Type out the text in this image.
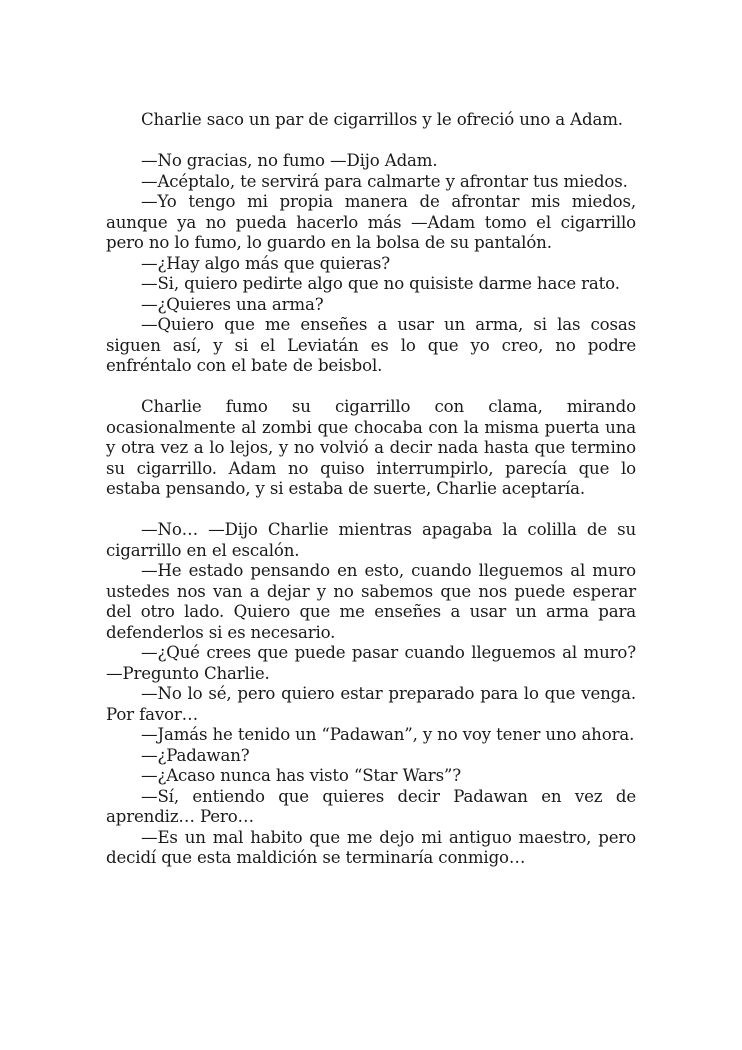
Charlie saco un par de cigarrillos y le ofreció uno a Adam.

—No gracias, no fumo —Dijo Adam.

—Acéptalo, te servirá para calmarte y afrontar tus miedos.

—Yo tengo mi propia manera de afrontar mis miedos, aunque ya no pueda hacerlo más —Adam tomo el cigarrillo pero no lo fumo, lo guardo en la bolsa de su pantalón.

—¿Hay algo más que quieras?

—Si, quiero pedirte algo que no quisiste darme hace rato.

—¿Quieres una arma?

—Quiero que me enseñes a usar un arma, si las cosas siguen así, y si el Leviatán es lo que yo creo, no podre enfréntalo con el bate de beisbol.

Charlie fumo su cigarrillo con clama, mirando ocasionalmente al zombi que chocaba con la misma puerta una y otra vez a lo lejos, y no volvió a decir nada hasta que termino su cigarrillo. Adam no quiso interrumpirlo, parecía que lo estaba pensando, y si estaba de suerte, Charlie aceptaría.

—No… —Dijo Charlie mientras apagaba la colilla de su cigarrillo en el escalón.

—He estado pensando en esto, cuando lleguemos al muro ustedes nos van a dejar y no sabemos que nos puede esperar del otro lado. Quiero que me enseñes a usar un arma para defenderlos si es necesario.

—¿Qué crees que puede pasar cuando lleguemos al muro? —Pregunto Charlie.

—No lo sé, pero quiero estar preparado para lo que venga. Por favor…

—Jamás he tenido un “Padawan”, y no voy tener uno ahora.

—¿Padawan?

—¿Acaso nunca has visto “Star Wars”?

—Sí, entiendo que quieres decir Padawan en vez de aprendiz… Pero…

—Es un mal habito que me dejo mi antiguo maestro, pero decidí que esta maldición se terminaría conmigo…
